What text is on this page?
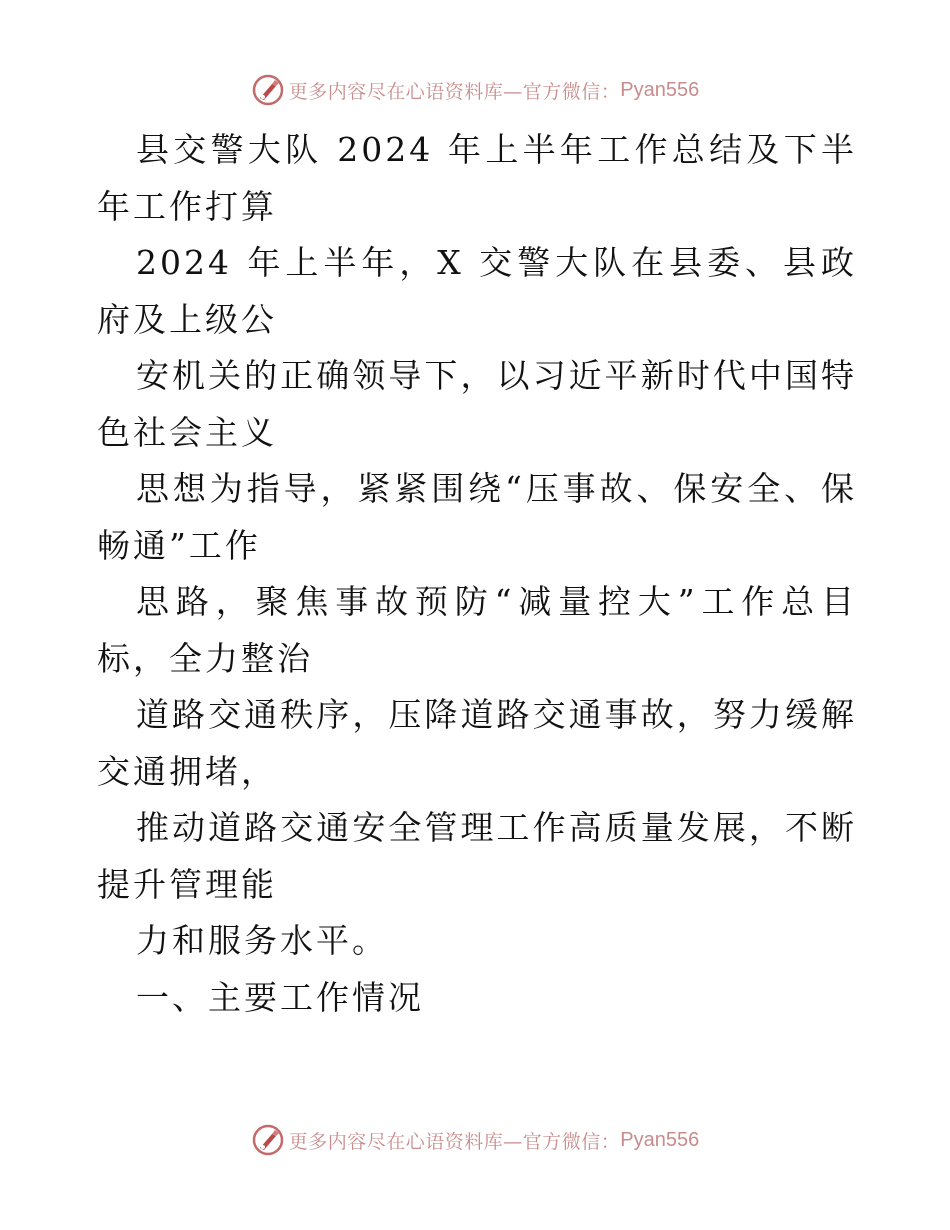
更多内容尽在心语资料库—官方微信： Pyan556

县交警大队 2024 年上半年工作总结及下半年工作打算

2024 年上半年，X 交警大队在县委、县政府及上级公

安机关的正确领导下，以习近平新时代中国特色社会主义

思想为指导，紧紧围绕“压事故、保安全、保畅通”工作

思路，聚焦事故预防“减量控大”工作总目标，全力整治

道路交通秩序，压降道路交通事故，努力缓解交通拥堵，

推动道路交通安全管理工作高质量发展，不断提升管理能

力和服务水平。

一、主要工作情况

更多内容尽在心语资料库—官方微信： Pyan556
